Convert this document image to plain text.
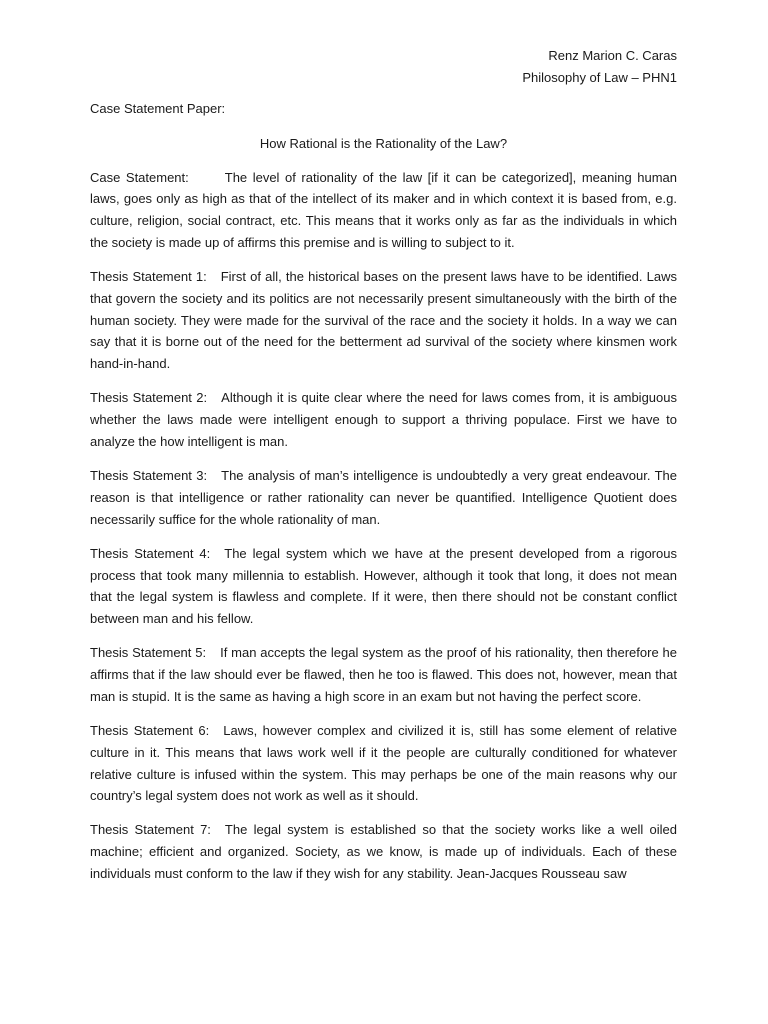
Renz Marion C. Caras
Philosophy of Law – PHN1
Case Statement Paper:
How Rational is the Rationality of the Law?

Case Statement:	The level of rationality of the law [if it can be categorized], meaning human laws, goes only as high as that of the intellect of its maker and in which context it is based from, e.g. culture, religion, social contract, etc. This means that it works only as far as the individuals in which the society is made up of affirms this premise and is willing to subject to it.

Thesis Statement 1: First of all, the historical bases on the present laws have to be identified. Laws that govern the society and its politics are not necessarily present simultaneously with the birth of the human society. They were made for the survival of the race and the society it holds. In a way we can say that it is borne out of the need for the betterment ad survival of the society where kinsmen work hand-in-hand.

Thesis Statement 2: Although it is quite clear where the need for laws comes from, it is ambiguous whether the laws made were intelligent enough to support a thriving populace. First we have to analyze the how intelligent is man.

Thesis Statement 3: The analysis of man’s intelligence is undoubtedly a very great endeavour. The reason is that intelligence or rather rationality can never be quantified. Intelligence Quotient does necessarily suffice for the whole rationality of man.

Thesis Statement 4: The legal system which we have at the present developed from a rigorous process that took many millennia to establish. However, although it took that long, it does not mean that the legal system is flawless and complete. If it were, then there should not be constant conflict between man and his fellow.

Thesis Statement 5: If man accepts the legal system as the proof of his rationality, then therefore he affirms that if the law should ever be flawed, then he too is flawed. This does not, however, mean that man is stupid. It is the same as having a high score in an exam but not having the perfect score.

Thesis Statement 6: Laws, however complex and civilized it is, still has some element of relative culture in it. This means that laws work well if it the people are culturally conditioned for whatever relative culture is infused within the system. This may perhaps be one of the main reasons why our country’s legal system does not work as well as it should.

Thesis Statement 7: The legal system is established so that the society works like a well oiled machine; efficient and organized. Society, as we know, is made up of individuals. Each of these individuals must conform to the law if they wish for any stability. Jean-Jacques Rousseau saw
